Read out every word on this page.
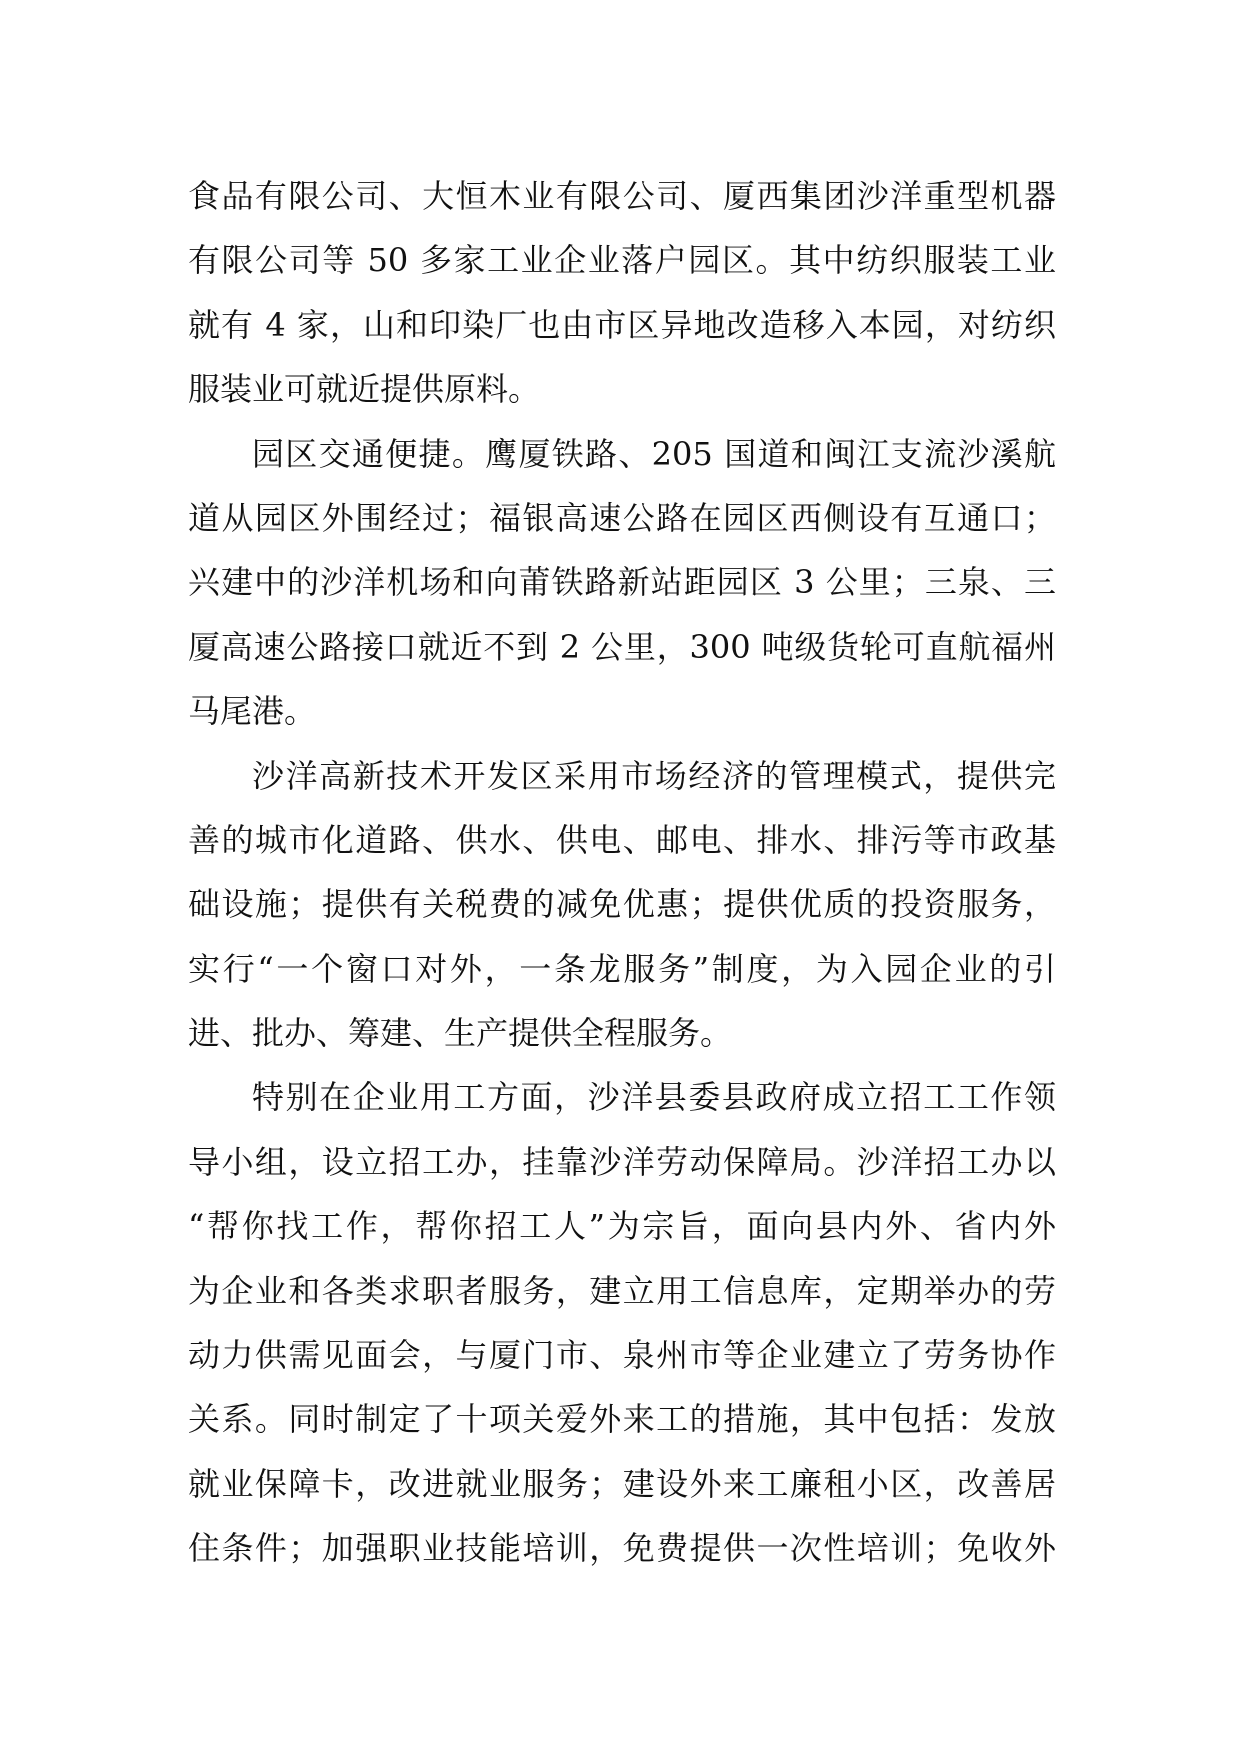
食品有限公司、大恒木业有限公司、厦西集团沙洋重型机器
有限公司等 50 多家工业企业落户园区。其中纺织服装工业
就有 4 家，山和印染厂也由市区异地改造移入本园，对纺织
服装业可就近提供原料。

园区交通便捷。鹰厦铁路、205 国道和闽江支流沙溪航
道从园区外围经过；福银高速公路在园区西侧设有互通口；
兴建中的沙洋机场和向莆铁路新站距园区 3 公里；三泉、三
厦高速公路接口就近不到 2 公里，300 吨级货轮可直航福州
马尾港。

沙洋高新技术开发区采用市场经济的管理模式，提供完
善的城市化道路、供水、供电、邮电、排水、排污等市政基
础设施；提供有关税费的减免优惠；提供优质的投资服务，
实行“一个窗口对外，一条龙服务”制度，为入园企业的引
进、批办、筹建、生产提供全程服务。

特别在企业用工方面，沙洋县委县政府成立招工工作领
导小组，设立招工办，挂靠沙洋劳动保障局。沙洋招工办以
“帮你找工作，帮你招工人”为宗旨，面向县内外、省内外
为企业和各类求职者服务，建立用工信息库，定期举办的劳
动力供需见面会，与厦门市、泉州市等企业建立了劳务协作
关系。同时制定了十项关爱外来工的措施，其中包括：发放
就业保障卡，改进就业服务；建设外来工廉租小区，改善居
住条件；加强职业技能培训，免费提供一次性培训；免收外
